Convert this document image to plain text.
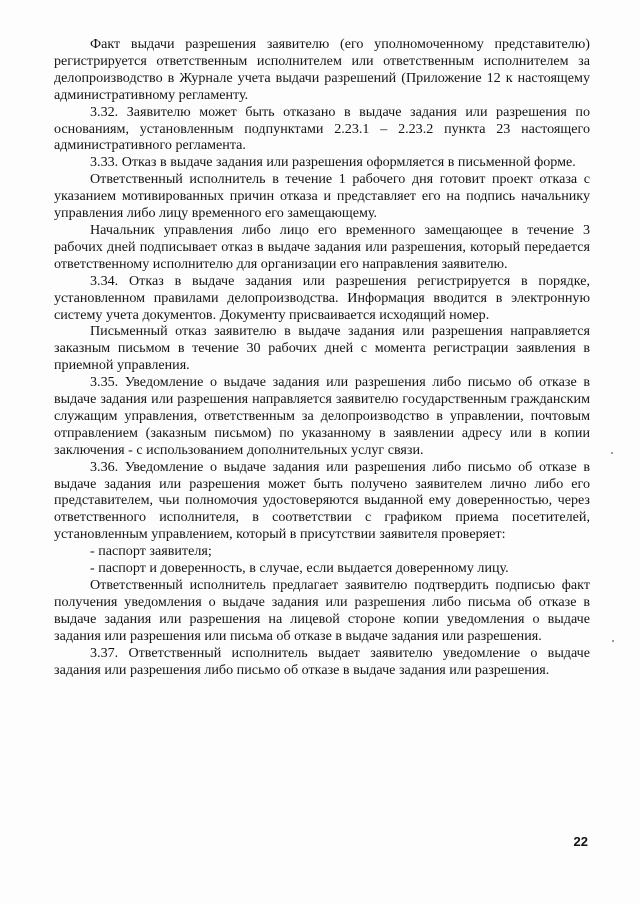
Факт выдачи разрешения заявителю (его уполномоченному представителю) регистрируется ответственным исполнителем или ответственным исполнителем за делопроизводство в Журнале учета выдачи разрешений (Приложение 12 к настоящему административному регламенту.

3.32. Заявителю может быть отказано в выдаче задания или разрешения по основаниям, установленным подпунктами 2.23.1 – 2.23.2 пункта 23 настоящего административного регламента.

3.33. Отказ в выдаче задания или разрешения оформляется в письменной форме.

Ответственный исполнитель в течение 1 рабочего дня готовит проект отказа с указанием мотивированных причин отказа и представляет его на подпись начальнику управления либо лицу временного его замещающему.

Начальник управления либо лицо его временного замещающее в течение 3 рабочих дней подписывает отказ в выдаче задания или разрешения, который передается ответственному исполнителю для организации его направления заявителю.

3.34. Отказ в выдаче задания или разрешения регистрируется в порядке, установленном правилами делопроизводства. Информация вводится в электронную систему учета документов. Документу присваивается исходящий номер.

Письменный отказ заявителю в выдаче задания или разрешения направляется заказным письмом в течение 30 рабочих дней с момента регистрации заявления в приемной управления.

3.35. Уведомление о выдаче задания или разрешения либо письмо об отказе в выдаче задания или разрешения направляется заявителю государственным гражданским служащим управления, ответственным за делопроизводство в управлении, почтовым отправлением (заказным письмом) по указанному в заявлении адресу или в копии заключения - с использованием дополнительных услуг связи.

3.36. Уведомление о выдаче задания или разрешения либо письмо об отказе в выдаче задания или разрешения может быть получено заявителем лично либо его представителем, чьи полномочия удостоверяются выданной ему доверенностью, через ответственного исполнителя, в соответствии с графиком приема посетителей, установленным управлением, который в присутствии заявителя проверяет:

- паспорт заявителя;

- паспорт и доверенность, в случае, если выдается доверенному лицу.

Ответственный исполнитель предлагает заявителю подтвердить подписью факт получения уведомления о выдаче задания или разрешения либо письма об отказе в выдаче задания или разрешения на лицевой стороне копии уведомления о выдаче задания или разрешения или письма об отказе в выдаче задания или разрешения.

3.37. Ответственный исполнитель выдает заявителю уведомление о выдаче задания или разрешения либо письмо об отказе в выдаче задания или разрешения.

22
